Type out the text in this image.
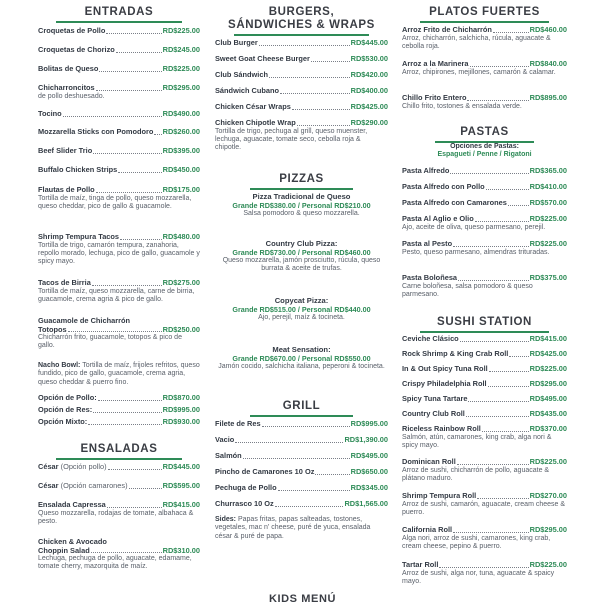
ENTRADAS
Croquetas de Pollo	RD$225.00
Croquetas de Chorizo	RD$245.00
Bolitas de Queso	RD$225.00
Chicharroncitos	RD$295.00
de pollo deshuesado.
Tocino	RD$490.00
Mozzarella Sticks con Pomodoro RD$260.00
Beef Slider Trio	RD$395.00
Buffalo Chicken Strips	RD$450.00
Flautas de Pollo	RD$175.00
Tortilla de maíz, tinga de pollo, queso mozzarella, queso cheddar, pico de gallo & guacamole.
Shrimp Tempura Tacos	RD$480.00
Tortilla de trigo, camarón tempura, zanahoria, repollo morado, lechuga, pico de gallo, guacamole y spicy mayo.
Tacos de Birria	RD$275.00
Tortilla de maíz, queso mozzarella, carne de birria, guacamole, crema agria & pico de gallo.
Guacamole de Chicharrón
Totopos	RD$250.00
Chicharrón frito, guacamole, totopos & pico de gallo.
Nacho Bowl: Tortilla de maíz, frijoles refritos, queso fundido, pico de gallo, guacamole, crema agria, queso cheddar & puerro fino.
Opción de Pollo:	RD$870.00
Opción de Res:	RD$995.00
Opción Mixto:	RD$930.00
ENSALADAS
César
(Opción pollo)	RD$445.00
César
(Opción camarones)	RD$595.00
Ensalada Capressa	RD$415.00
Queso mozzarella, rodajas de tomate, albahaca & pesto.
Chicken & Avocado
Choppin Salad	RD$310.00
Lechuga, pechuga de pollo, aguacate, edamame, tomate cherry, mazorquita de maíz.
BURGERS,
SÁNDWICHES & WRAPS
Club Burger	RD$445.00
Sweet Goat Cheese Burger	RD$530.00
Club Sándwich	RD$420.00
Sándwich Cubano	RD$400.00
Chicken César Wraps	RD$425.00
Chicken Chipotle Wrap	RD$290.00
Tortilla de trigo, pechuga al grill, queso muenster, lechuga, aguacate, tomate seco, cebolla roja & chipotle.
PIZZAS
Pizza Tradicional de Queso
Grande RD$380.00 / Personal RD$210.00
Salsa pomodoro & queso mozzarella.
Country Club Pizza:
Grande RD$730.00 / Personal RD$460.00
Queso mozzarella, jamón prosciutto, rúcula, queso burrata & aceite de trufas.
Copycat Pizza:
Grande RD$515.00 / Personal RD$440.00
Ajo, perejil, maíz & tocineta.
Meat Sensation:
Grande RD$670.00 / Personal RD$550.00
Jamón cocido, salchicha italiana, peperoni & tocineta.
GRILL
Filete de Res	RD$995.00
Vacio	RD$1,390.00
Salmón	RD$495.00
Pincho de Camarones 10 Oz	RD$650.00
Pechuga de Pollo	RD$345.00
Churrasco 10 Oz	RD$1,565.00
Sides: Papas fritas, papas salteadas, tostones, vegetales, mac n' cheese, puré de yuca, ensalada césar & puré de papa.
PLATOS FUERTES
Arroz Frito de Chicharrón	RD$460.00
Arroz, chicharrón, salchicha, rúcula, aguacate & cebolla roja.
Arroz a la Marinera	RD$840.00
Arroz, chipirones, mejillones, camarón & calamar.
Chillo Frito Entero	RD$895.00
Chillo frito, tostones & ensalada verde.
PASTAS
Opciones de Pastas:
Espagueti / Penne / Rigatoni
Pasta Alfredo	RD$365.00
Pasta Alfredo con Pollo	RD$410.00
Pasta Alfredo con Camarones	RD$570.00
Pasta Al Aglio e Olio	RD$225.00
Ajo, aceite de oliva, queso parmesano, perejil.
Pasta al Pesto	RD$225.00
Pesto, queso parmesano, almendras trituradas.
Pasta Boloñesa	RD$375.00
Carne boloñesa, salsa pomodoro & queso parmesano.
SUSHI STATION
Ceviche Clásico	RD$415.00
Rock Shrimp & King Crab Roll	RD$425.00
In & Out Spicy Tuna Roll	RD$225.00
Crispy Philadelphia Roll	RD$295.00
Spicy Tuna Tartare	RD$495.00
Country Club Roll	RD$435.00
Riceless Rainbow Roll	RD$370.00
Salmón, atún, camarones, king crab, alga nori & spicy mayo.
Dominican Roll	RD$225.00
Arroz de sushi, chicharrón de pollo, aguacate & plátano maduro.
Shrimp Tempura Roll	RD$270.00
Arroz de sushi, camarón, aguacate, cream cheese & puerro.
California Roll	RD$295.00
Alga nori, arroz de sushi, camarones, king crab, cream cheese, pepino & puerro.
Tartar Roll	RD$225.00
Arroz de sushi, alga nor, tuna, aguacate & spaicy mayo.
KIDS MENÚ
